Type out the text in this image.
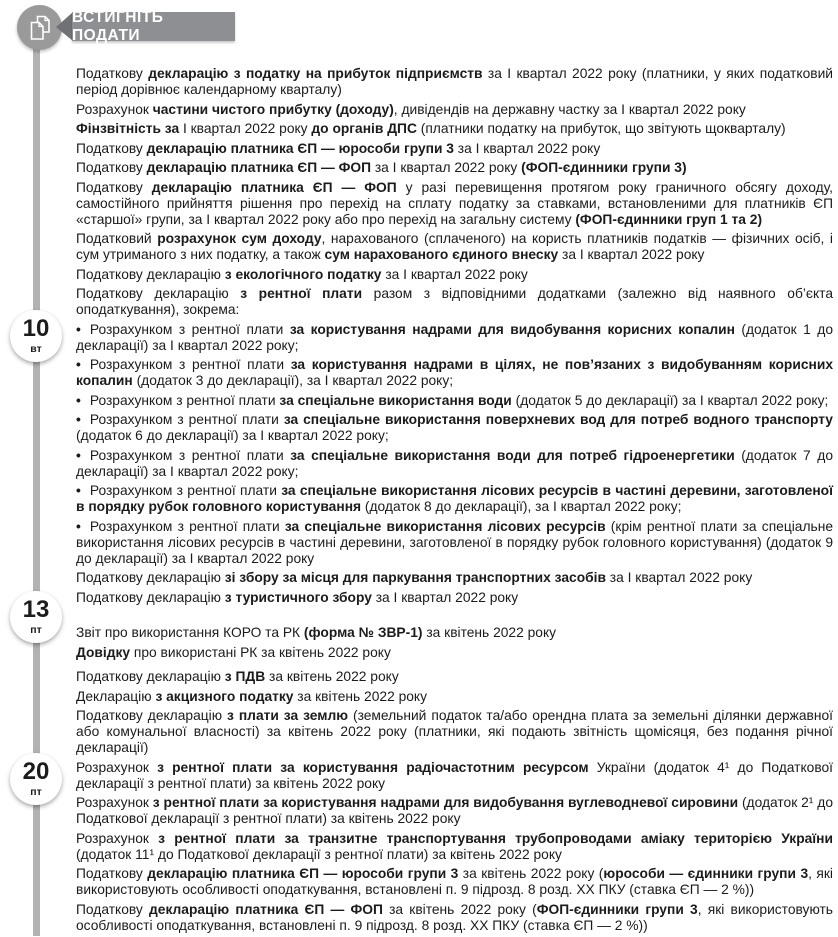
ВСТИГНІТЬ ПОДАТИ
10
вт
13
пт
20
пт
Податкову декларацію з податку на прибуток підприємств за І квартал 2022 року (платники, у яких податковий період дорівнює календарному кварталу)
Розрахунок частини чистого прибутку (доходу), дивідендів на державну частку за І квартал 2022 року
Фінзвітність за І квартал 2022 року до органів ДПС (платники податку на прибуток, що звітують щокварталу)
Податкову декларацію платника ЄП — юрособи групи 3 за І квартал 2022 року
Податкову декларацію платника ЄП — ФОП за І квартал 2022 року (ФОП-єдинники групи 3)
Податкову декларацію платника ЄП — ФОП у разі перевищення протягом року граничного обсягу доходу, самостійного прийняття рішення про перехід на сплату податку за ставками, встановленими для платників ЄП «старшої» групи, за І квартал 2022 року або про перехід на загальну систему (ФОП-єдинники груп 1 та 2)
Податковий розрахунок сум доходу, нарахованого (сплаченого) на користь платників податків — фізичних осіб, і сум утриманого з них податку, а також сум нарахованого єдиного внеску за І квартал 2022 року
Податкову декларацію з екологічного податку за І квартал 2022 року
Податкову декларацію з рентної плати разом з відповідними додатками (залежно від наявного об’єкта оподаткування), зокрема:
• Розрахунком з рентної плати за користування надрами для видобування корисних копалин (додаток 1 до декларації) за І квартал 2022 року;
• Розрахунком з рентної плати за користування надрами в цілях, не пов’язаних з видобуванням корисних копалин (додаток 3 до декларації), за І квартал 2022 року;
• Розрахунком з рентної плати за спеціальне використання води (додаток 5 до декларації) за І квартал 2022 року;
• Розрахунком з рентної плати за спеціальне використання поверхневих вод для потреб водного транспорту (додаток 6 до декларації) за І квартал 2022 року;
• Розрахунком з рентної плати за спеціальне використання води для потреб гідроенергетики (додаток 7 до декларації) за І квартал 2022 року;
• Розрахунком з рентної плати за спеціальне використання лісових ресурсів в частині деревини, заготовленої в порядку рубок головного користування (додаток 8 до декларації), за І квартал 2022 року;
• Розрахунком з рентної плати за спеціальне використання лісових ресурсів (крім рентної плати за спеціальне використання лісових ресурсів в частині деревини, заготовленої в порядку рубок головного користування) (додаток 9 до декларації) за І квартал 2022 року
Податкову декларацію зі збору за місця для паркування транспортних засобів за І квартал 2022 року
Податкову декларацію з туристичного збору за І квартал 2022 року
Звіт про використання КОРО та РК (форма № ЗВР-1) за квітень 2022 року
Довідку про використані РК за квітень 2022 року
Податкову декларацію з ПДВ за квітень 2022 року
Декларацію з акцизного податку за квітень 2022 року
Податкову декларацію з плати за землю (земельний податок та/або орендна плата за земельні ділянки державної або комунальної власності) за квітень 2022 року (платники, які подають звітність щомісяця, без подання річної декларації)
Розрахунок з рентної плати за користування радіочастотним ресурсом України (додаток 4¹ до Податкової декларації з рентної плати) за квітень 2022 року
Розрахунок з рентної плати за користування надрами для видобування вуглеводневої сировини (додаток 2¹ до Податкової декларації з рентної плати) за квітень 2022 року
Розрахунок з рентної плати за транзитне транспортування трубопроводами аміаку територією України (додаток 11¹ до Податкової декларації з рентної плати) за квітень 2022 року
Податкову декларацію платника ЄП — юрособи групи 3 за квітень 2022 року (юрособи — єдинники групи 3, які використовують особливості оподаткування, встановлені п. 9 підрозд. 8 розд. ХХ ПКУ (ставка ЄП — 2 %))
Податкову декларацію платника ЄП — ФОП за квітень 2022 року (ФОП-єдинники групи 3, які використовують особливості оподаткування, встановлені п. 9 підрозд. 8 розд. ХХ ПКУ (ставка ЄП — 2 %))
